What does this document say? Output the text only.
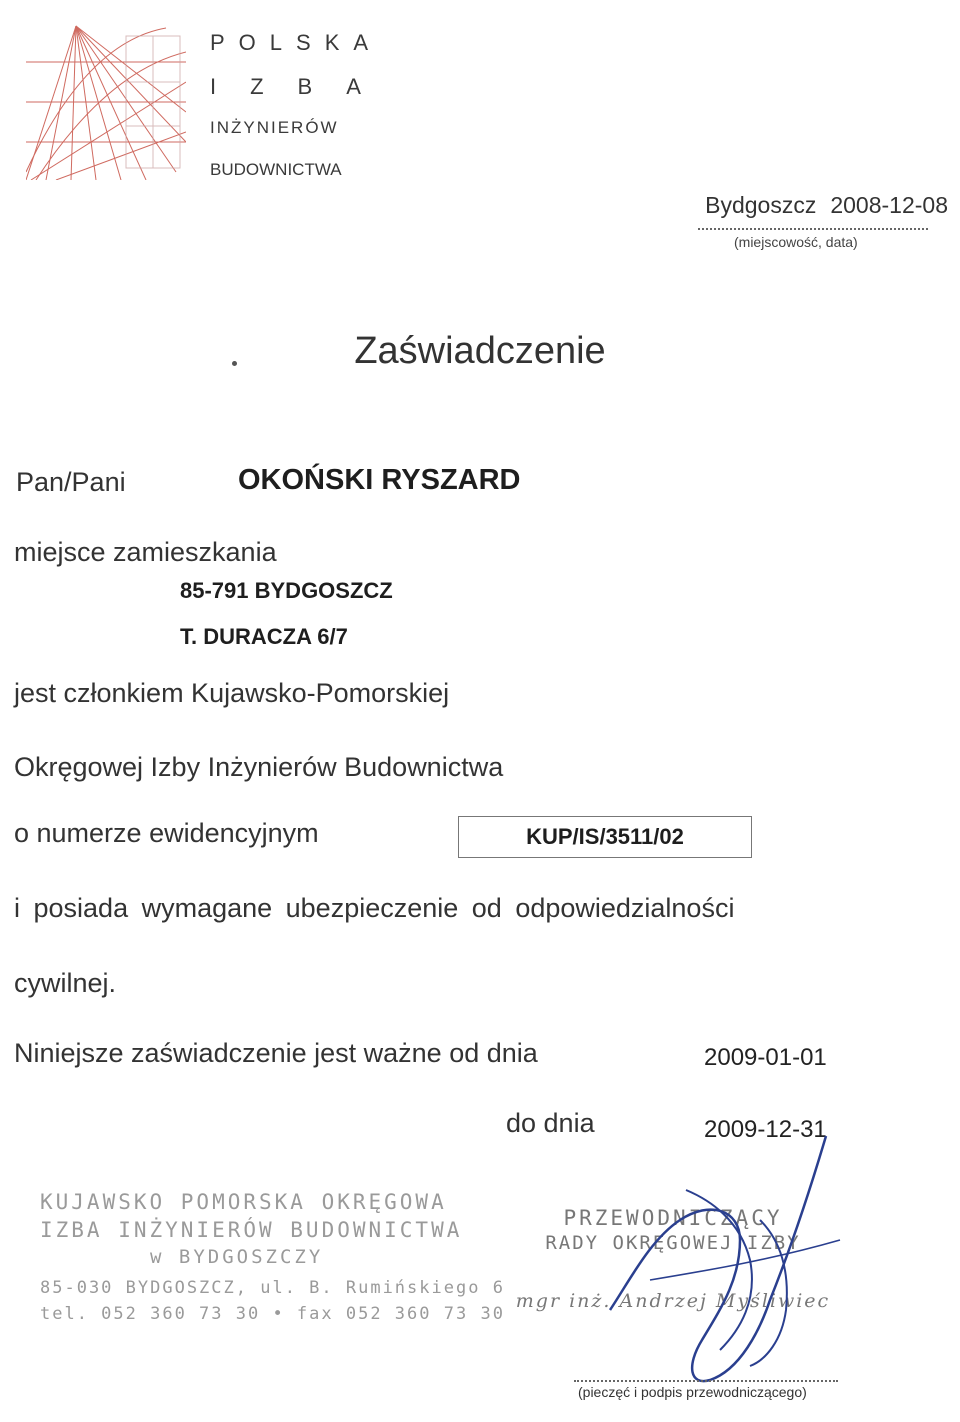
POLSKA
IZBA
INŻYNIERÓW
BUDOWNICTWA
Bydgoszcz 2008-12-08
(miejscowość, data)
Zaświadczenie
Pan/Pani	OKOŃSKI RYSZARD
miejsce zamieszkania
85-791 BYDGOSZCZ
T. DURACZA 6/7
jest członkiem Kujawsko-Pomorskiej
Okręgowej Izby Inżynierów Budownictwa
o numerze ewidencyjnym	KUP/IS/3511/02
i posiada wymagane ubezpieczenie od odpowiedzialności
cywilnej.
Niniejsze zaświadczenie jest ważne od dnia	2009-01-01
do dnia	2009-12-31
KUJAWSKO POMORSKA OKRĘGOWA
IZBA INŻYNIERÓW BUDOWNICTWA
w BYDGOSZCZY
85-030 BYDGOSZCZ, ul. B. Rumińskiego 6
tel. 052 360 73 30 • fax 052 360 73 30
PRZEWODNICZĄCY
RADY OKRĘGOWEJ IZBY
mgr inż. Andrzej Myśliwiec
(pieczęć i podpis przewodniczącego)
